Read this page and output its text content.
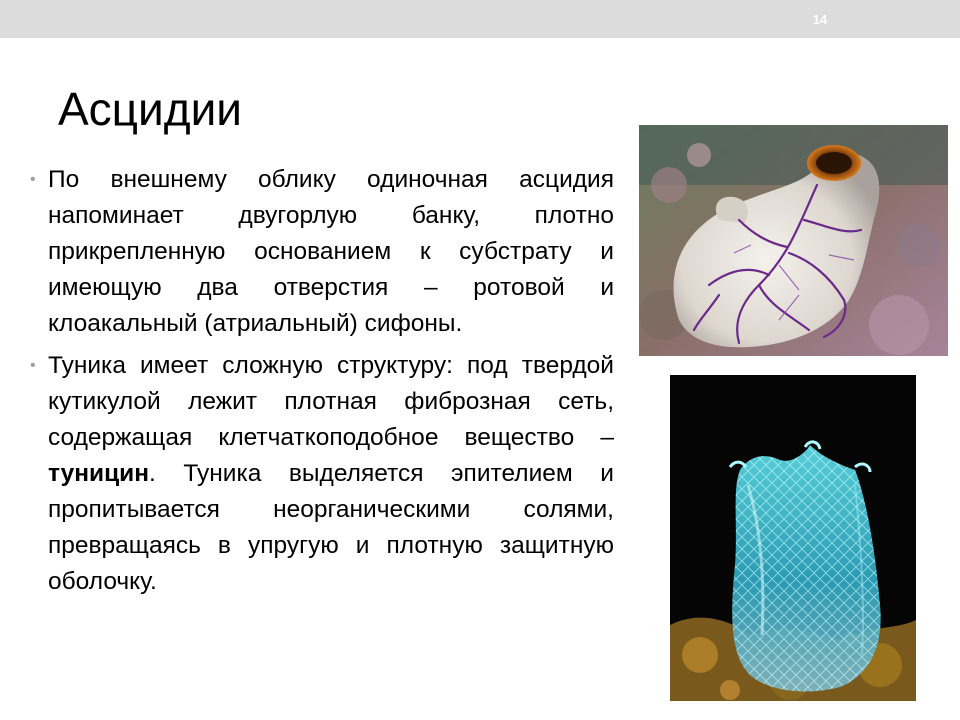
14
Асцидии

• По внешнему облику одиночная асцидия напоминает двугорлую банку, плотно прикрепленную основанием к субстрату и имеющую два отверстия – ротовой и клоакальный (атриальный) сифоны.

• Туника имеет сложную структуру: под твердой кутикулой лежит плотная фиброзная сеть, содержащая клетчаткоподобное вещество – туницин. Туника выделяется эпителием и пропитывается неорганическими солями, превращаясь в упругую и плотную защитную оболочку.
